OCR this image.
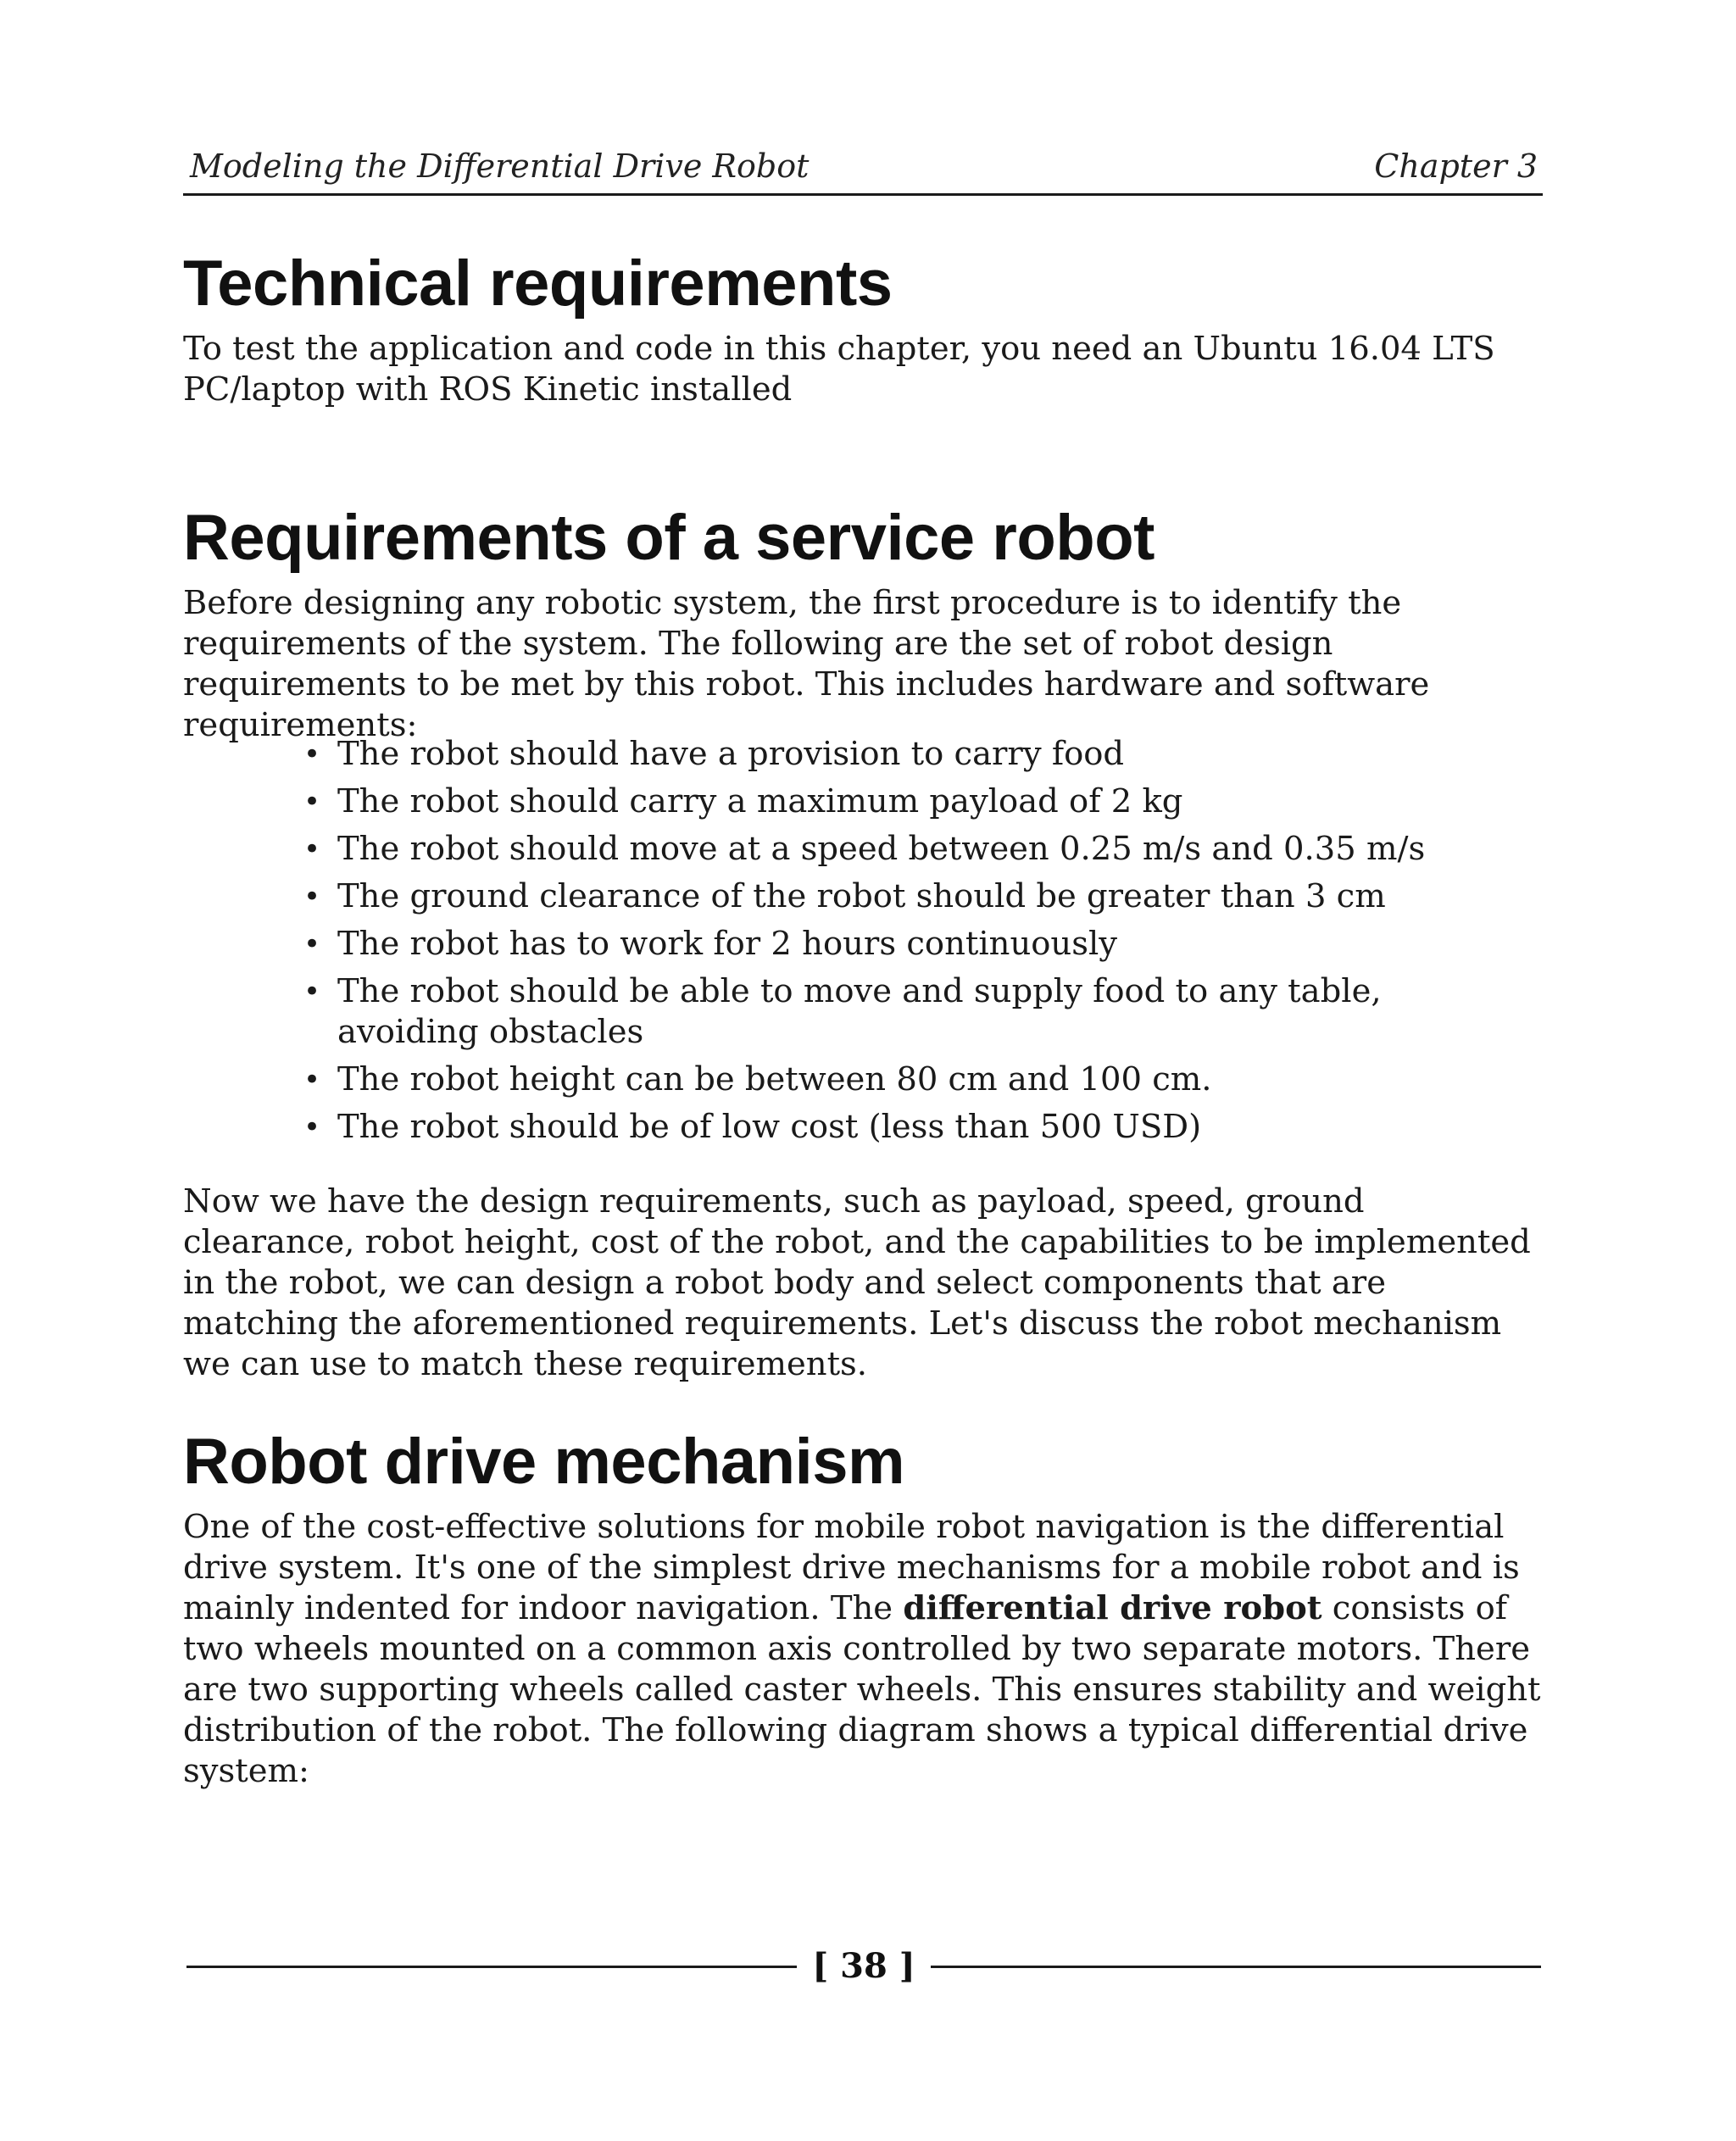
Modeling the Differential Drive Robot	Chapter 3
Technical requirements

To test the application and code in this chapter, you need an Ubuntu 16.04 LTS PC/laptop with ROS Kinetic installed

Requirements of a service robot

Before designing any robotic system, the first procedure is to identify the requirements of the system. The following are the set of robot design requirements to be met by this robot. This includes hardware and software requirements:

• The robot should have a provision to carry food
• The robot should carry a maximum payload of 2 kg
• The robot should move at a speed between 0.25 m/s and 0.35 m/s
• The ground clearance of the robot should be greater than 3 cm
• The robot has to work for 2 hours continuously
• The robot should be able to move and supply food to any table, avoiding obstacles
• The robot height can be between 80 cm and 100 cm.
• The robot should be of low cost (less than 500 USD)

Now we have the design requirements, such as payload, speed, ground clearance, robot height, cost of the robot, and the capabilities to be implemented in the robot, we can design a robot body and select components that are matching the aforementioned requirements. Let's discuss the robot mechanism we can use to match these requirements.

Robot drive mechanism

One of the cost-effective solutions for mobile robot navigation is the differential drive system. It's one of the simplest drive mechanisms for a mobile robot and is mainly indented for indoor navigation. The differential drive robot consists of two wheels mounted on a common axis controlled by two separate motors. There are two supporting wheels called caster wheels. This ensures stability and weight distribution of the robot. The following diagram shows a typical differential drive system:

[ 38 ]
